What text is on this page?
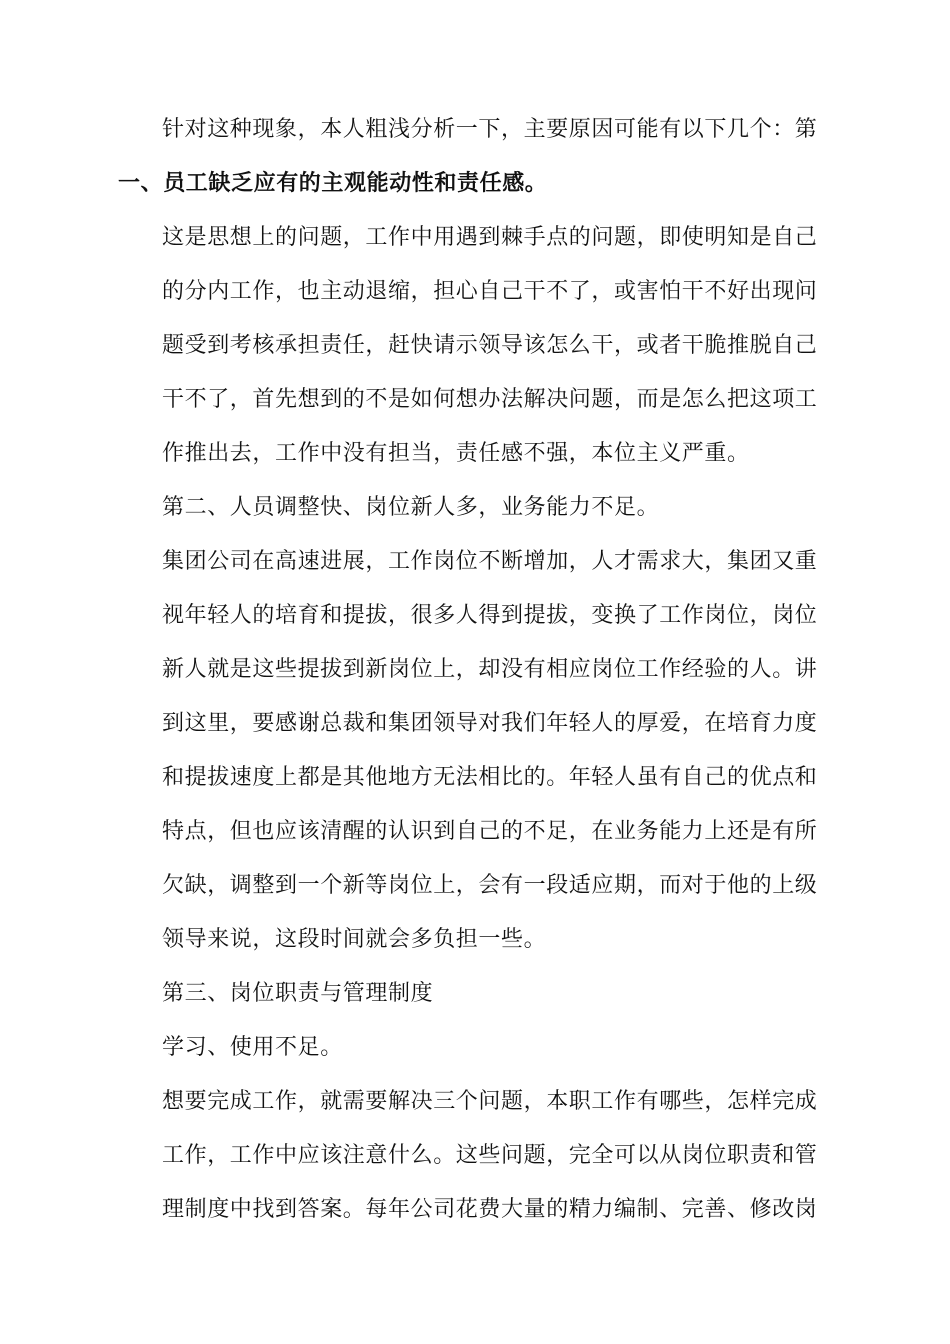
针对这种现象，本人粗浅分析一下，主要原因可能有以下几个：第
一、员工缺乏应有的主观能动性和责任感。
这是思想上的问题，工作中用遇到棘手点的问题，即使明知是自己
的分内工作，也主动退缩，担心自己干不了，或害怕干不好出现问
题受到考核承担责任，赶快请示领导该怎么干，或者干脆推脱自己
干不了，首先想到的不是如何想办法解决问题，而是怎么把这项工
作推出去，工作中没有担当，责任感不强，本位主义严重。
第二、人员调整快、岗位新人多，业务能力不足。
集团公司在高速进展，工作岗位不断增加，人才需求大，集团又重
视年轻人的培育和提拔，很多人得到提拔，变换了工作岗位，岗位
新人就是这些提拔到新岗位上，却没有相应岗位工作经验的人。讲
到这里，要感谢总裁和集团领导对我们年轻人的厚爱，在培育力度
和提拔速度上都是其他地方无法相比的。年轻人虽有自己的优点和
特点，但也应该清醒的认识到自己的不足，在业务能力上还是有所
欠缺，调整到一个新等岗位上，会有一段适应期，而对于他的上级
领导来说，这段时间就会多负担一些。
第三、岗位职责与管理制度
学习、使用不足。
想要完成工作，就需要解决三个问题，本职工作有哪些，怎样完成
工作，工作中应该注意什么。这些问题，完全可以从岗位职责和管
理制度中找到答案。每年公司花费大量的精力编制、完善、修改岗
